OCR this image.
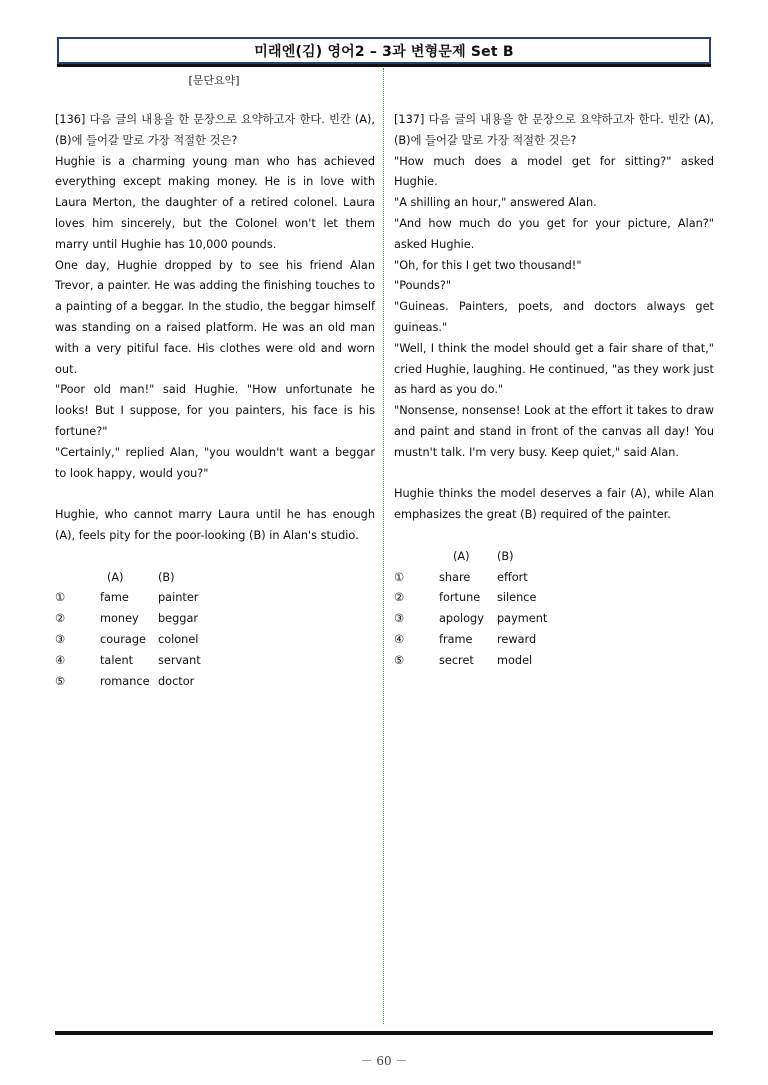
미래엔(김) 영어2 – 3과 변형문제 Set B
[문단요약]

[136] 다음 글의 내용을 한 문장으로 요약하고자 한다. 빈칸 (A), (B)에 들어갈 말로 가장 적절한 것은?

Hughie is a charming young man who has achieved everything except making money. He is in love with Laura Merton, the daughter of a retired colonel. Laura loves him sincerely, but the Colonel won't let them marry until Hughie has 10,000 pounds.

One day, Hughie dropped by to see his friend Alan Trevor, a painter. He was adding the finishing touches to a painting of a beggar. In the studio, the beggar himself was standing on a raised platform. He was an old man with a very pitiful face. His clothes were old and worn out.

"Poor old man!" said Hughie. "How unfortunate he looks! But I suppose, for you painters, his face is his fortune?"

"Certainly," replied Alan, "you wouldn't want a beggar to look happy, would you?"

Hughie, who cannot marry Laura until he has enough (A), feels pity for the poor-looking (B) in Alan's studio.

(A)	(B)
①	fame	painter
②	money	beggar
③	courage	colonel
④	talent	servant
⑤	romance doctor

[137] 다음 글의 내용을 한 문장으로 요약하고자 한다. 빈칸 (A), (B)에 들어갈 말로 가장 적절한 것은?

"How much does a model get for sitting?" asked Hughie.

"A shilling an hour," answered Alan.

"And how much do you get for your picture, Alan?" asked Hughie.

"Oh, for this I get two thousand!"

"Pounds?"

"Guineas. Painters, poets, and doctors always get guineas."

"Well, I think the model should get a fair share of that," cried Hughie, laughing. He continued, "as they work just as hard as you do."

"Nonsense, nonsense! Look at the effort it takes to draw and paint and stand in front of the canvas all day! You mustn't talk. I'm very busy. Keep quiet," said Alan.

Hughie thinks the model deserves a fair (A), while Alan emphasizes the great (B) required of the painter.

(A)	(B)
①	share	effort
②	fortune	silence
③	apology	payment
④	frame	reward
⑤	secret	model
－ 60 －
